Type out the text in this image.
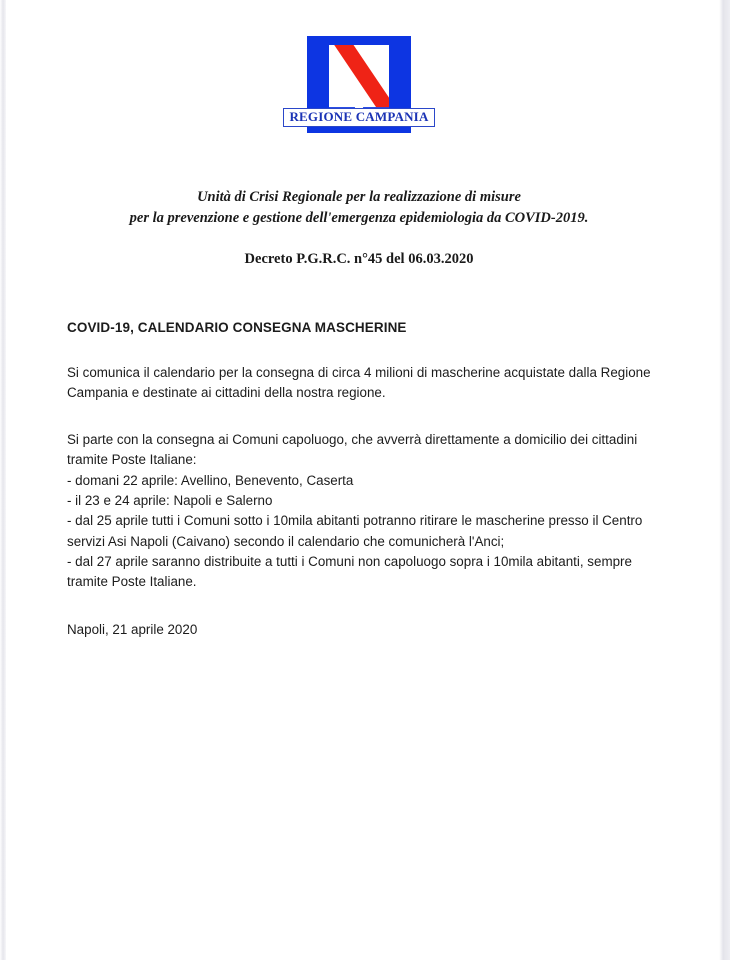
REGIONE CAMPANIA
Unità di Crisi Regionale per la realizzazione di misure
per la prevenzione e gestione dell'emergenza epidemiologia da COVID-2019.
Decreto P.G.R.C. n°45 del 06.03.2020
COVID-19, CALENDARIO CONSEGNA MASCHERINE
Si comunica il calendario per la consegna di circa 4 milioni di mascherine acquistate dalla Regione
Campania e destinate ai cittadini della nostra regione.
Si parte con la consegna ai Comuni capoluogo, che avverrà direttamente a domicilio dei cittadini
tramite Poste Italiane:
- domani 22 aprile: Avellino, Benevento, Caserta
- il 23 e 24 aprile: Napoli e Salerno
- dal 25 aprile tutti i Comuni sotto i 10mila abitanti potranno ritirare le mascherine presso il Centro
servizi Asi Napoli (Caivano) secondo il calendario che comunicherà l'Anci;
- dal 27 aprile saranno distribuite a tutti i Comuni non capoluogo sopra i 10mila abitanti, sempre
tramite Poste Italiane.
Napoli, 21 aprile 2020
